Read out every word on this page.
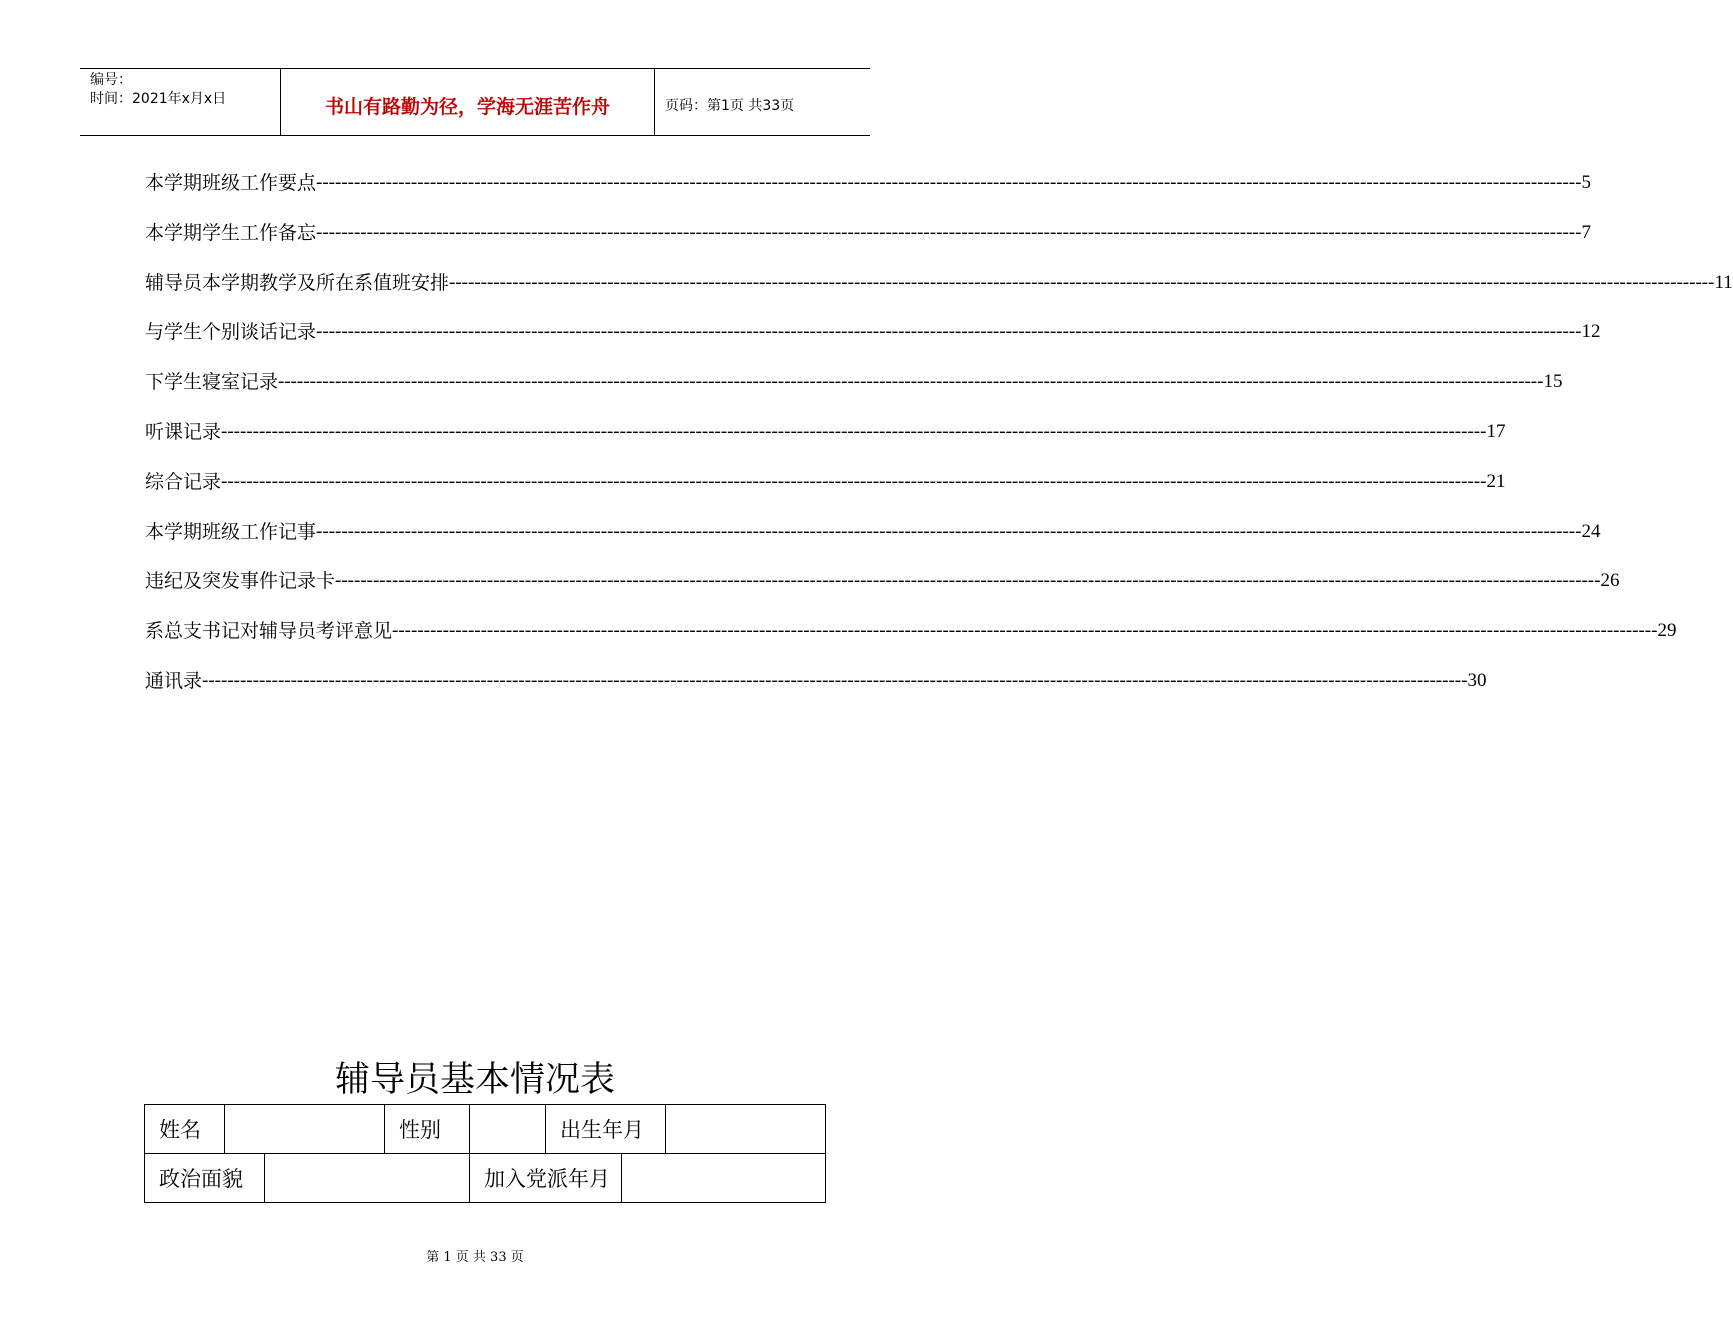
编号：
时间：2021年x月x日	书山有路勤为径，学海无涯苦作舟	页码：第1页 共33页
本学期班级工作要点 -------------------------------------------------------------------------------------------------------------------------------------------------------------------------------------------------------- 5
本学期学生工作备忘 -------------------------------------------------------------------------------------------------------------------------------------------------------------------------------------------------------- 7
辅导员本学期教学及所在系值班安排 -------------------------------------------------------------------------------------------------------------------------------------------------------------------------------------------------------- 11
与学生个别谈话记录 -------------------------------------------------------------------------------------------------------------------------------------------------------------------------------------------------------- 12
下学生寝室记录 -------------------------------------------------------------------------------------------------------------------------------------------------------------------------------------------------------- 15
听课记录 -------------------------------------------------------------------------------------------------------------------------------------------------------------------------------------------------------- 17
综合记录 -------------------------------------------------------------------------------------------------------------------------------------------------------------------------------------------------------- 21
本学期班级工作记事 -------------------------------------------------------------------------------------------------------------------------------------------------------------------------------------------------------- 24
违纪及突发事件记录卡 -------------------------------------------------------------------------------------------------------------------------------------------------------------------------------------------------------- 26
系总支书记对辅导员考评意见 -------------------------------------------------------------------------------------------------------------------------------------------------------------------------------------------------------- 29
通讯录 -------------------------------------------------------------------------------------------------------------------------------------------------------------------------------------------------------- 30
辅导员基本情况表
姓名			性别		出生年月		
政治面貌				加入党派年月			
第 1 页 共 33 页
